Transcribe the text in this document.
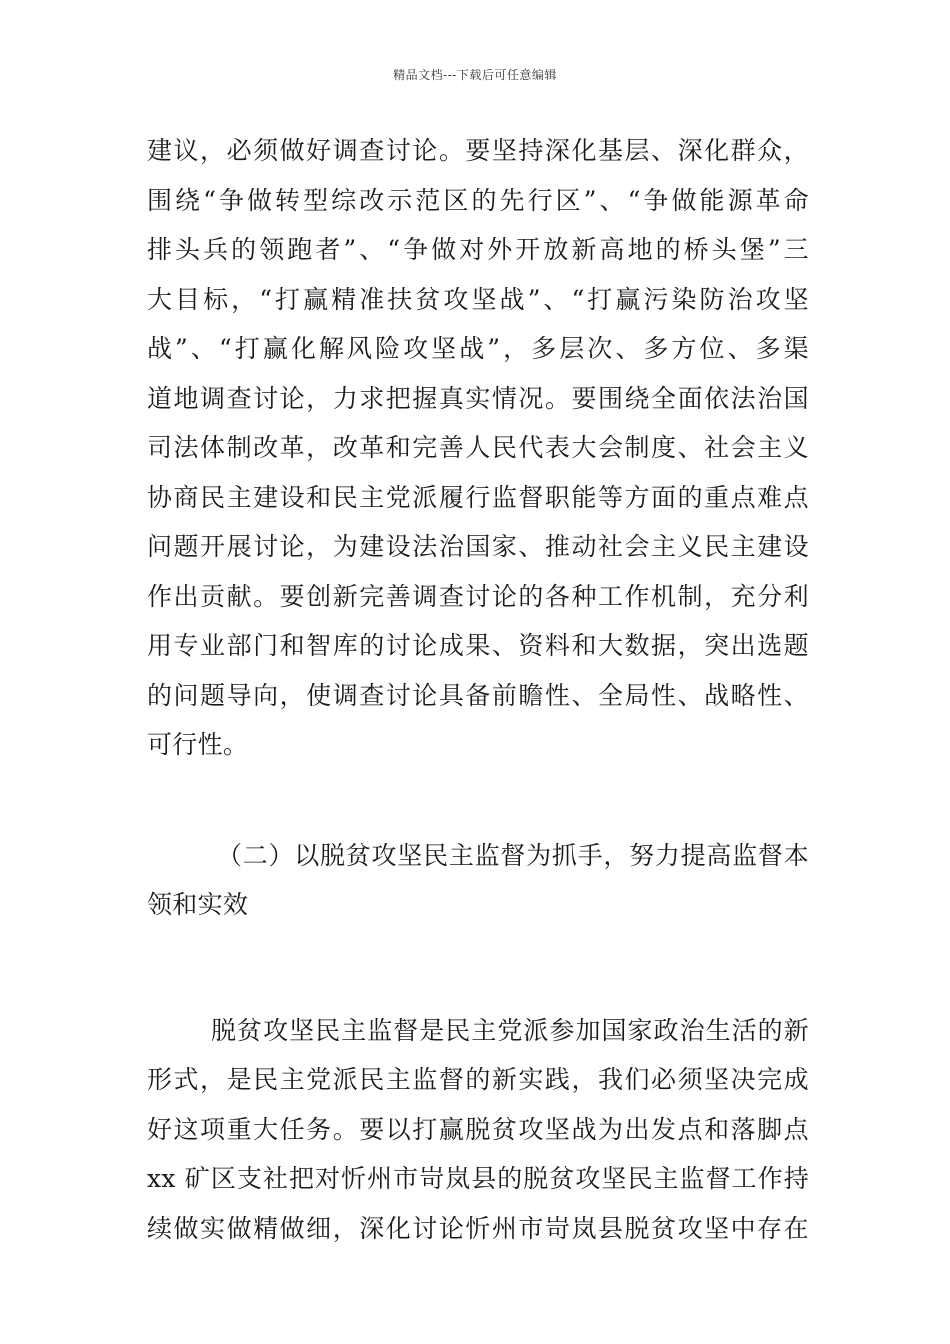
精品文档---下载后可任意编辑
建议，必须做好调查讨论。要坚持深化基层、深化群众，
围绕“争做转型综改示范区的先行区”、“争做能源革命
排头兵的领跑者”、“争做对外开放新高地的桥头堡”三
大目标，“打赢精准扶贫攻坚战”、“打赢污染防治攻坚
战”、“打赢化解风险攻坚战”，多层次、多方位、多渠
道地调查讨论，力求把握真实情况。要围绕全面依法治国
司法体制改革，改革和完善人民代表大会制度、社会主义
协商民主建设和民主党派履行监督职能等方面的重点难点
问题开展讨论，为建设法治国家、推动社会主义民主建设
作出贡献。要创新完善调查讨论的各种工作机制，充分利
用专业部门和智库的讨论成果、资料和大数据，突出选题
的问题导向，使调查讨论具备前瞻性、全局性、战略性、
可行性。
（二）以脱贫攻坚民主监督为抓手，努力提高监督本
领和实效
脱贫攻坚民主监督是民主党派参加国家政治生活的新
形式，是民主党派民主监督的新实践，我们必须坚决完成
好这项重大任务。要以打赢脱贫攻坚战为出发点和落脚点
xx 矿区支社把对忻州市岢岚县的脱贫攻坚民主监督工作持
续做实做精做细，深化讨论忻州市岢岚县脱贫攻坚中存在
